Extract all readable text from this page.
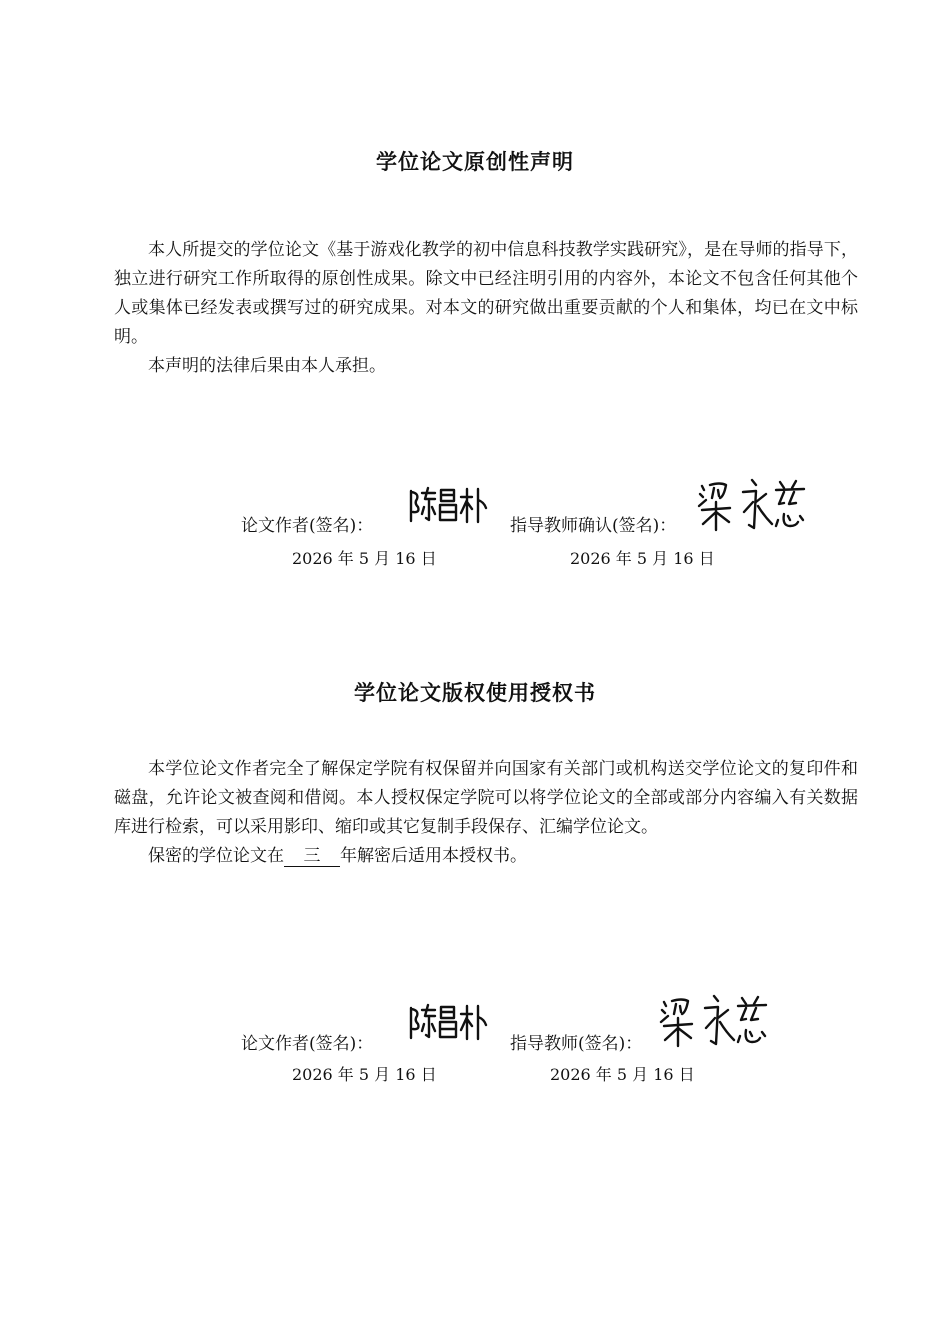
学位论文原创性声明

本人所提交的学位论文《基于游戏化教学的初中信息科技教学实践研究》，是在导师的指导下，独立进行研究工作所取得的原创性成果。除文中已经注明引用的内容外，本论文不包含任何其他个人或集体已经发表或撰写过的研究成果。对本文的研究做出重要贡献的个人和集体，均已在文中标明。

本声明的法律后果由本人承担。

论文作者(签名)：	指导教师确认(签名)：
2026 年 5 月 16 日	2026 年 5 月 16 日
学位论文版权使用授权书

本学位论文作者完全了解保定学院有权保留并向国家有关部门或机构送交学位论文的复印件和磁盘，允许论文被查阅和借阅。本人授权保定学院可以将学位论文的全部或部分内容编入有关数据库进行检索，可以采用影印、缩印或其它复制手段保存、汇编学位论文。

保密的学位论文在 三 年解密后适用本授权书。

论文作者(签名)：	指导教师(签名)：
2026 年 5 月 16 日	2026 年 5 月 16 日
